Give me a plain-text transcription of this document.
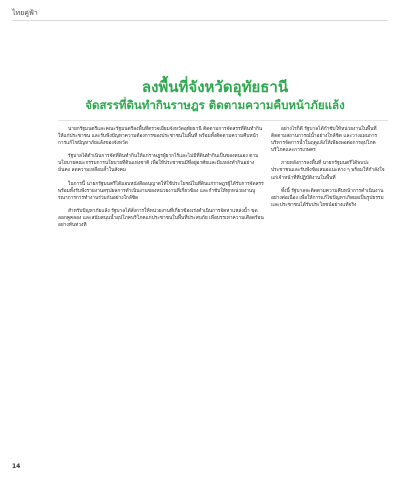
ไทยคู่ฟ้า
ลงพื้นที่จังหวัดอุทัยธานี
จัดสรรที่ดินทำกินราษฎร ติดตามความคืบหน้าภัยแล้ง

นายกรัฐมนตรีและคณะรัฐมนตรีลงพื้นที่ตรวจเยี่ยมจังหวัดอุทัยธานี ติดตามการจัดสรรที่ดินทำกินให้แก่ประชาชน และรับฟังปัญหาความต้องการของประชาชนในพื้นที่ พร้อมทั้งติดตามความคืบหน้าการแก้ไขปัญหาภัยแล้งของจังหวัด

รัฐบาลได้ดำเนินการจัดที่ดินทำกินให้แก่ราษฎรผู้ยากไร้และไม่มีที่ดินทำกินเป็นของตนเอง ตามนโยบายคณะกรรมการนโยบายที่ดินแห่งชาติ เพื่อให้ประชาชนมีที่อยู่อาศัยและมีแหล่งทำกินอย่างมั่นคง ลดความเหลื่อมล้ำในสังคม

ในการนี้ นายกรัฐมนตรีได้มอบหนังสืออนุญาตให้ใช้ประโยชน์ในที่ดินแก่ราษฎรผู้ได้รับการจัดสรร พร้อมทั้งรับฟังรายงานสรุปผลการดำเนินงานของหน่วยงานที่เกี่ยวข้อง และกำชับให้ทุกหน่วยงานบูรณาการการทำงานร่วมกันอย่างใกล้ชิด

สำหรับปัญหาภัยแล้ง รัฐบาลได้สั่งการให้หน่วยงานที่เกี่ยวข้องเร่งดำเนินการจัดหาแหล่งน้ำ ขุดลอกคูคลอง และสนับสนุนน้ำอุปโภคบริโภคแก่ประชาชนในพื้นที่ประสบภัย เพื่อบรรเทาความเดือดร้อนอย่างทันท่วงที

อย่างไรก็ดี รัฐบาลได้กำชับให้หน่วยงานในพื้นที่ติดตามสถานการณ์น้ำอย่างใกล้ชิด และวางแผนการบริหารจัดการน้ำในฤดูแล้งให้เพียงพอต่อการอุปโภคบริโภคและการเกษตร

ภายหลังการลงพื้นที่ นายกรัฐมนตรีได้พบปะประชาชนและรับฟังข้อเสนอแนะต่าง ๆ พร้อมให้กำลังใจแก่เจ้าหน้าที่ที่ปฏิบัติงานในพื้นที่

ทั้งนี้ รัฐบาลจะติดตามความคืบหน้าการดำเนินงานอย่างต่อเนื่อง เพื่อให้การแก้ไขปัญหาเกิดผลเป็นรูปธรรม และประชาชนได้รับประโยชน์อย่างแท้จริง

14
